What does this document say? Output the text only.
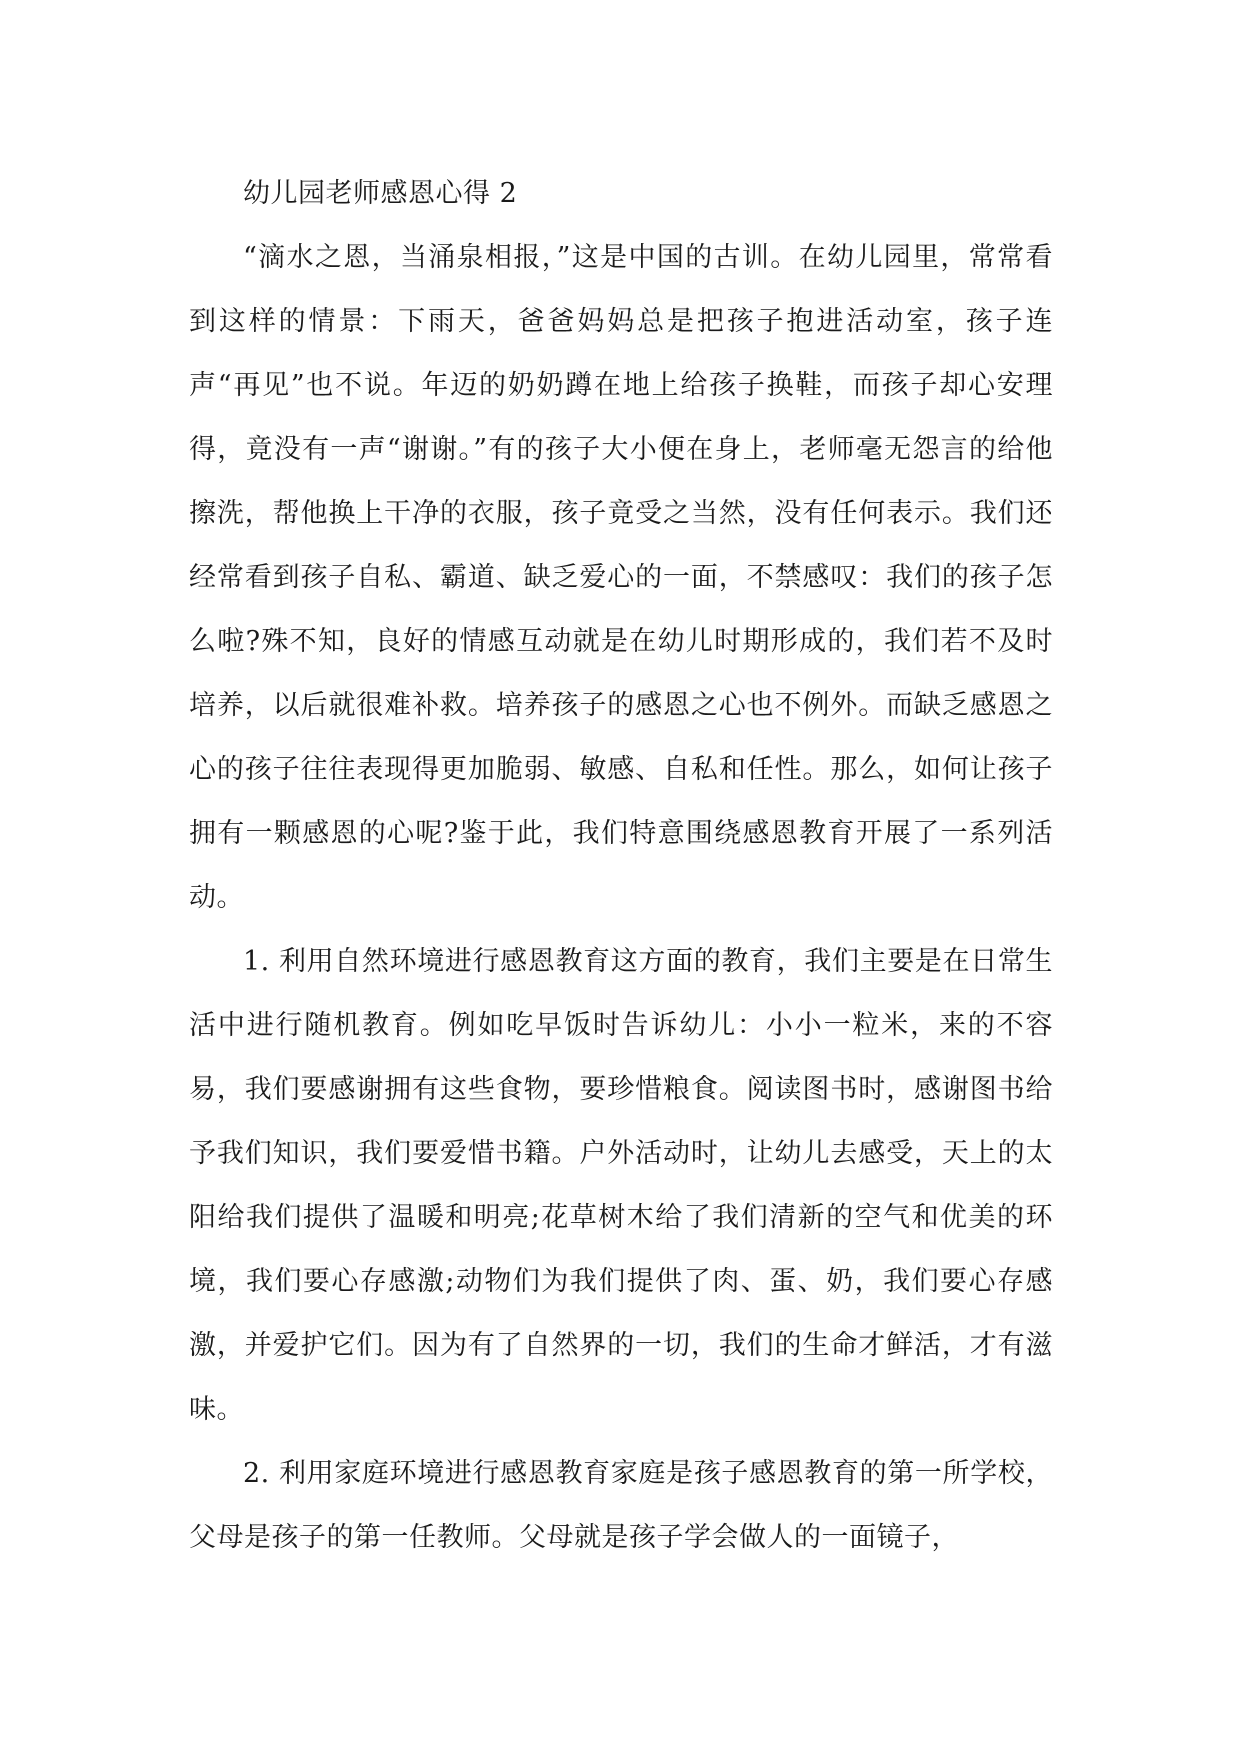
幼儿园老师感恩心得 2

“滴水之恩，当涌泉相报，”这是中国的古训。在幼儿园里，常常看到这样的情景：下雨天，爸爸妈妈总是把孩子抱进活动室，孩子连声“再见”也不说。年迈的奶奶蹲在地上给孩子换鞋，而孩子却心安理得，竟没有一声“谢谢。”有的孩子大小便在身上，老师毫无怨言的给他擦洗，帮他换上干净的衣服，孩子竟受之当然，没有任何表示。我们还经常看到孩子自私、霸道、缺乏爱心的一面，不禁感叹：我们的孩子怎么啦?殊不知，良好的情感互动就是在幼儿时期形成的，我们若不及时培养，以后就很难补救。培养孩子的感恩之心也不例外。而缺乏感恩之心的孩子往往表现得更加脆弱、敏感、自私和任性。那么，如何让孩子拥有一颗感恩的心呢?鉴于此，我们特意围绕感恩教育开展了一系列活动。

1. 利用自然环境进行感恩教育这方面的教育，我们主要是在日常生活中进行随机教育。例如吃早饭时告诉幼儿：小小一粒米，来的不容易，我们要感谢拥有这些食物，要珍惜粮食。阅读图书时，感谢图书给予我们知识，我们要爱惜书籍。户外活动时，让幼儿去感受，天上的太阳给我们提供了温暖和明亮;花草树木给了我们清新的空气和优美的环境，我们要心存感激;动物们为我们提供了肉、蛋、奶，我们要心存感激，并爱护它们。因为有了自然界的一切，我们的生命才鲜活，才有滋味。

2. 利用家庭环境进行感恩教育家庭是孩子感恩教育的第一所学校，父母是孩子的第一任教师。父母就是孩子学会做人的一面镜子，
